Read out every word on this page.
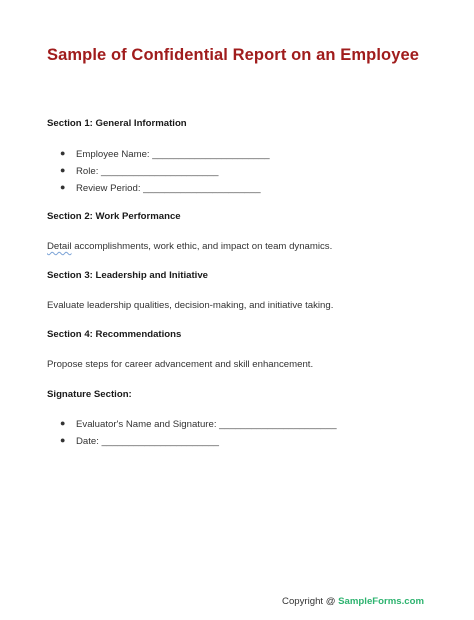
Sample of Confidential Report on an Employee
Section 1: General Information
● Employee Name: ______________________
● Role: ______________________
● Review Period: ______________________
Section 2: Work Performance

Detail accomplishments, work ethic, and impact on team dynamics.

Section 3: Leadership and Initiative

Evaluate leadership qualities, decision-making, and initiative taking.

Section 4: Recommendations

Propose steps for career advancement and skill enhancement.

Signature Section:
● Evaluator's Name and Signature: ______________________
● Date: ______________________
Copyright @ SampleForms.com
